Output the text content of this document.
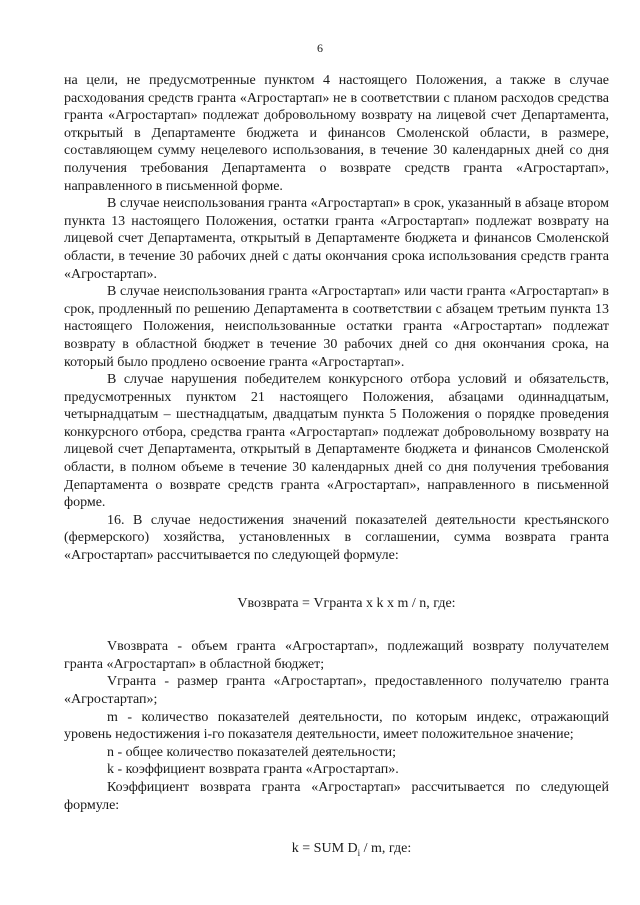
6

на цели, не предусмотренные пунктом 4 настоящего Положения, а также в случае расходования средств гранта «Агростартап» не в соответствии с планом расходов средства гранта «Агростартап» подлежат добровольному возврату на лицевой счет Департамента, открытый в Департаменте бюджета и финансов Смоленской области, в размере, составляющем сумму нецелевого использования, в течение 30 календарных дней со дня получения требования Департамента о возврате средств гранта «Агростартап», направленного в письменной форме.

В случае неиспользования гранта «Агростартап» в срок, указанный в абзаце втором пункта 13 настоящего Положения, остатки гранта «Агростартап» подлежат возврату на лицевой счет Департамента, открытый в Департаменте бюджета и финансов Смоленской области, в течение 30 рабочих дней с даты окончания срока использования средств гранта «Агростартап».

В случае неиспользования гранта «Агростартап» или части гранта «Агростартап» в срок, продленный по решению Департамента в соответствии с абзацем третьим пункта 13 настоящего Положения, неиспользованные остатки гранта «Агростартап» подлежат возврату в областной бюджет в течение 30 рабочих дней со дня окончания срока, на который было продлено освоение гранта «Агростартап».

В случае нарушения победителем конкурсного отбора условий и обязательств, предусмотренных пунктом 21 настоящего Положения, абзацами одиннадцатым, четырнадцатым – шестнадцатым, двадцатым пункта 5 Положения о порядке проведения конкурсного отбора, средства гранта «Агростартап» подлежат добровольному возврату на лицевой счет Департамента, открытый в Департаменте бюджета и финансов Смоленской области, в полном объеме в течение 30 календарных дней со дня получения требования Департамента о возврате средств гранта «Агростартап», направленного в письменной форме.

16. В случае недостижения значений показателей деятельности крестьянского (фермерского) хозяйства, установленных в соглашении, сумма возврата гранта «Агростартап» рассчитывается по следующей формуле:

Vвозврата = Vгранта x k x m / n, где:

Vвозврата - объем гранта «Агростартап», подлежащий возврату получателем гранта «Агростартап» в областной бюджет;

Vгранта - размер гранта «Агростартап», предоставленного получателю гранта «Агростартап»;

m - количество показателей деятельности, по которым индекс, отражающий уровень недостижения i-го показателя деятельности, имеет положительное значение;

n - общее количество показателей деятельности;

k - коэффициент возврата гранта «Агростартап».

Коэффициент возврата гранта «Агростартап» рассчитывается по следующей формуле:

k = SUM $D_i$ / m, где:
